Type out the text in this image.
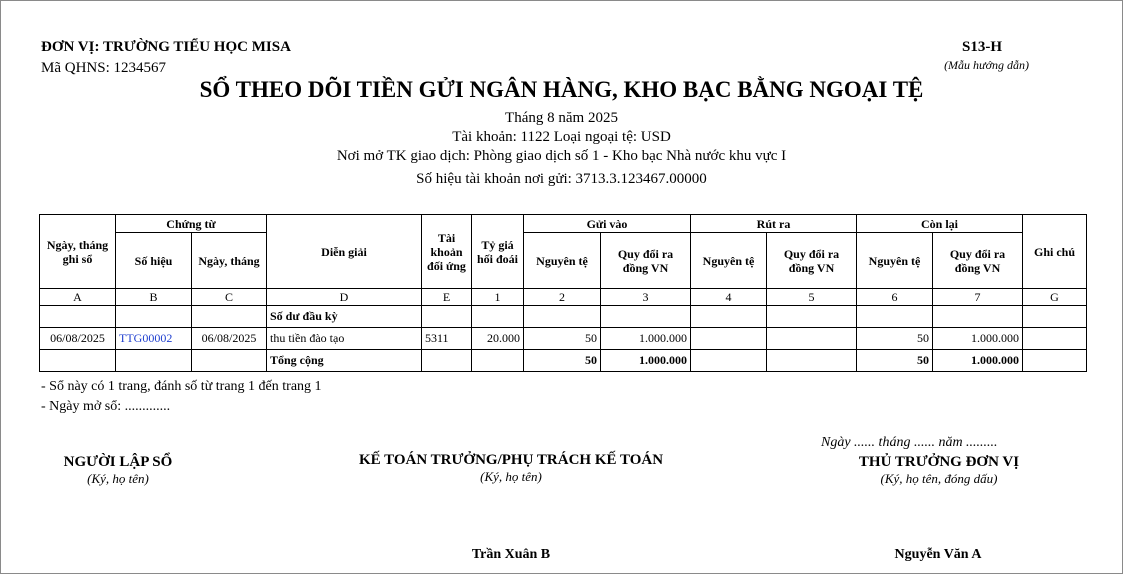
ĐƠN VỊ: TRƯỜNG TIỂU HỌC MISA
Mã QHNS: 1234567
S13-H
(Mẫu hướng dẫn)
SỔ THEO DÕI TIỀN GỬI NGÂN HÀNG, KHO BẠC BẰNG NGOẠI TỆ
Tháng 8 năm 2025
Tài khoản: 1122 Loại ngoại tệ: USD
Nơi mở TK giao dịch: Phòng giao dịch số 1 - Kho bạc Nhà nước khu vực I
Số hiệu tài khoản nơi gửi: 3713.3.123467.00000
Ngày, tháng ghi sổ	Chứng từ		Diễn giải	Tài khoản đối ứng	Tỷ giá hối đoái	Gửi vào		Rút ra		Còn lại		Ghi chú
	Số hiệu	Ngày, tháng				Nguyên tệ	Quy đổi ra đồng VN	Nguyên tệ	Quy đổi ra đồng VN	Nguyên tệ	Quy đổi ra đồng VN	
A	B	C	D	E	1	2	3	4	5	6	7	G
			Số dư đầu kỳ									
06/08/2025	TTG00002	06/08/2025	thu tiền đào tạo	5311	20.000	50	1.000.000			50	1.000.000	
			Tổng cộng			50	1.000.000			50	1.000.000	
- Sổ này có 1 trang, đánh số từ trang 1 đến trang 1
- Ngày mở sổ: .............
Ngày ...... tháng ...... năm .........
NGƯỜI LẬP SỔ
(Ký, họ tên)
KẾ TOÁN TRƯỞNG/PHỤ TRÁCH KẾ TOÁN
(Ký, họ tên)
THỦ TRƯỞNG ĐƠN VỊ
(Ký, họ tên, đóng dấu)
Trần Xuân B	Nguyễn Văn A
